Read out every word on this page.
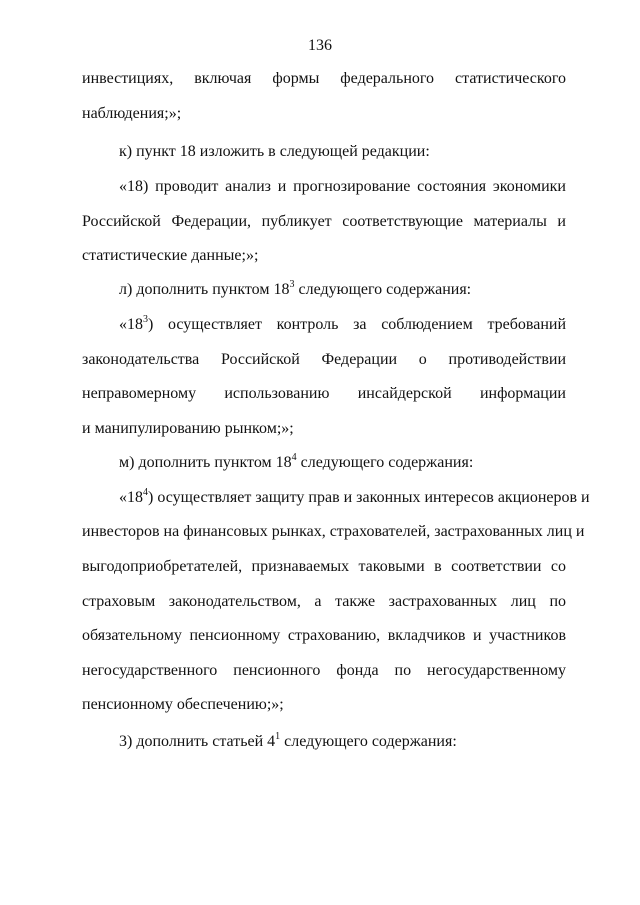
136
инвестициях, включая формы федерального статистического
наблюдения;»;
к) пункт 18 изложить в следующей редакции:
«18) проводит анализ и прогнозирование состояния экономики
Российской Федерации, публикует соответствующие материалы и
статистические данные;»;
л) дополнить пунктом $18^3$ следующего содержания:
«$18^3$) осуществляет контроль за соблюдением требований
законодательства Российской Федерации о противодействии
неправомерному использованию инсайдерской информации
и манипулированию рынком;»;
м) дополнить пунктом $18^4$ следующего содержания:
«$18^4$) осуществляет защиту прав и законных интересов акционеров и
инвесторов на финансовых рынках, страхователей, застрахованных лиц и
выгодоприобретателей, признаваемых таковыми в соответствии со
страховым законодательством, а также застрахованных лиц по
обязательному пенсионному страхованию, вкладчиков и участников
негосударственного пенсионного фонда по негосударственному
пенсионному обеспечению;»;
3) дополнить статьей $4^1$ следующего содержания:
